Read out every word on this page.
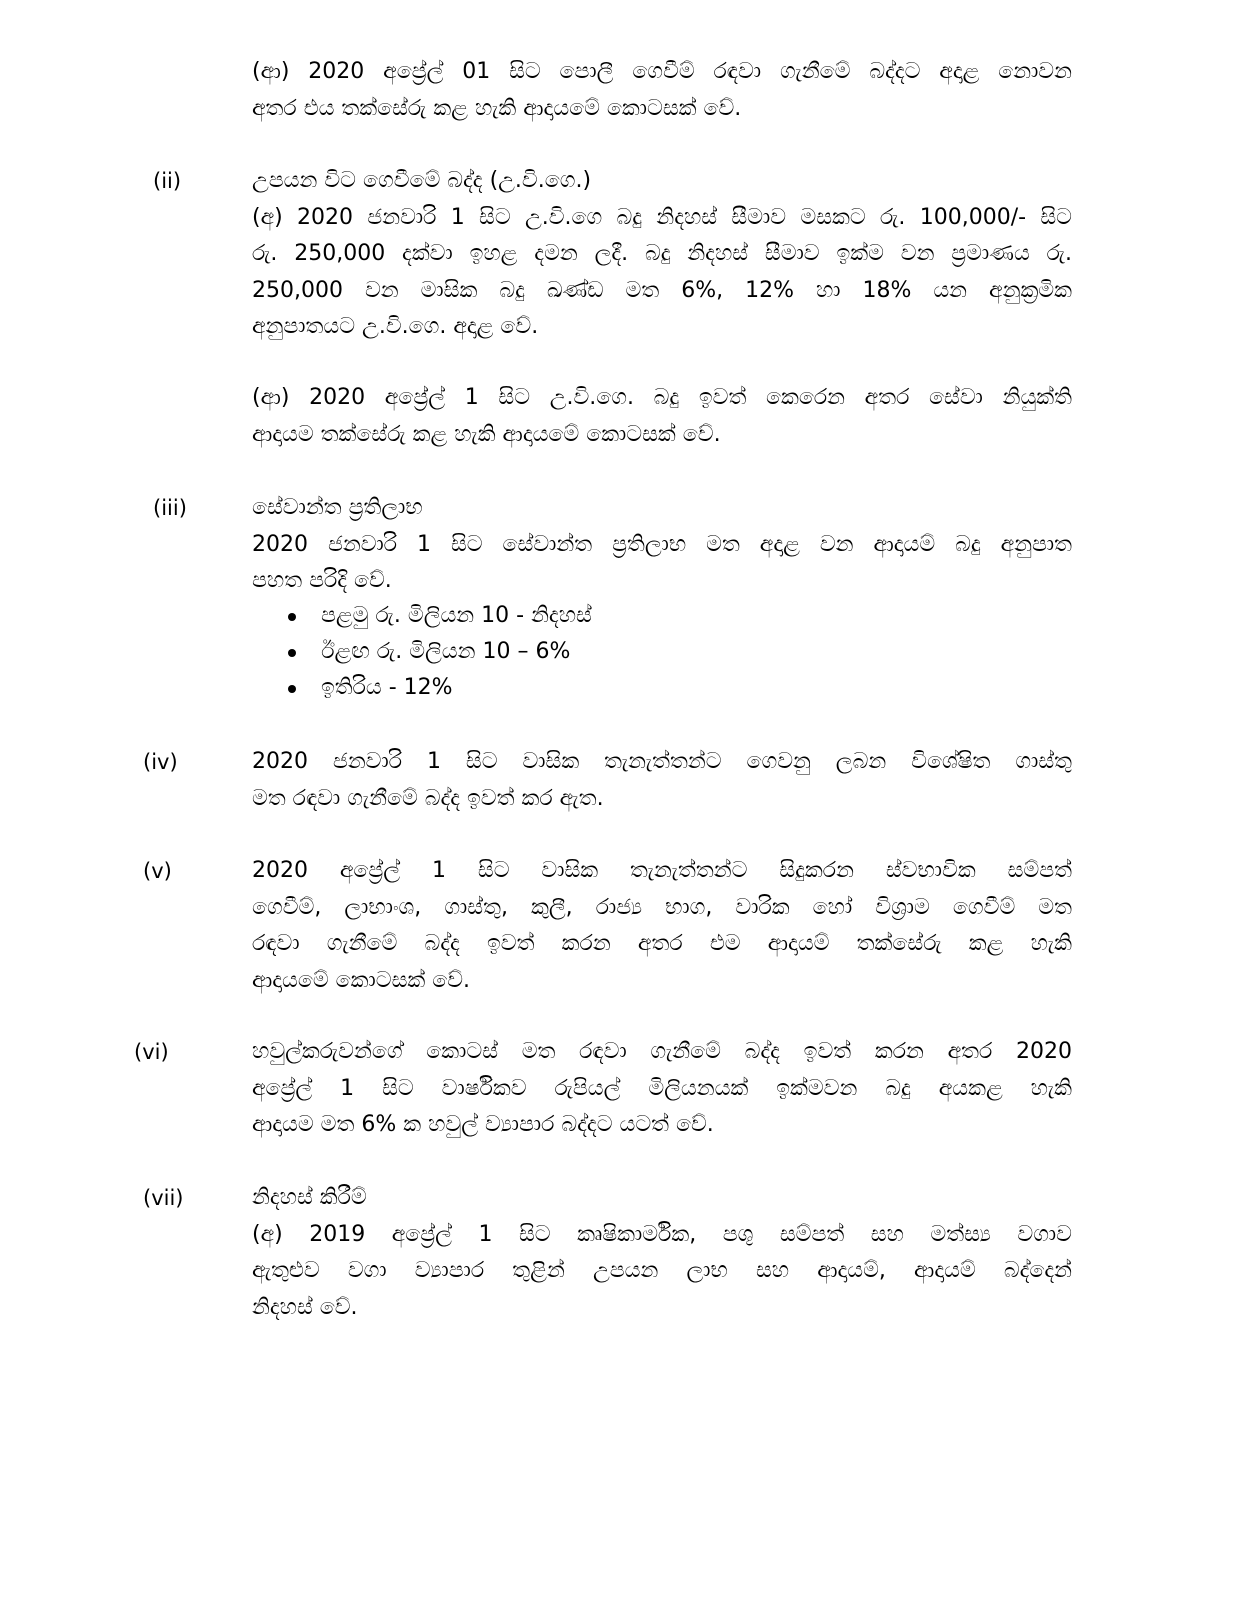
(ආ) 2020 අප්‍රේල් 01 සිට පොලී ගෙවීම් රඳවා ගැනීමේ බද්දට අදාළ නොවන
අතර එය තක්සේරු කළ හැකි ආදායමේ කොටසක් වේ.
(ii)	උපයන විට ගෙවීමේ බද්ද (උ.වි.ගෙ.)
(අ) 2020 ජනවාරි 1 සිට උ.වි.ගෙ බදු නිදහස් සීමාව මසකට රු. 100,000/- සිට
රු. 250,000 දක්වා ඉහළ දමන ලදී. බදු නිදහස් සීමාව ඉක්ම වන ප්‍රමාණය රු.
250,000 වන මාසික බදු ඛණ්ඩ මත 6%, 12% හා 18% යන අනුක්‍රමික
අනුපාතයට උ.වි.ගෙ. අදාළ වේ.
(ආ) 2020 අප්‍රේල් 1 සිට උ.වි.ගෙ. බදු ඉවත් කෙරෙන අතර සේවා නියුක්ති
ආදායම තක්සේරු කළ හැකි ආදායමේ කොටසක් වේ.
(iii)	සේවාන්ත ප්‍රතිලාභ
2020 ජනවාරි 1 සිට සේවාන්ත ප්‍රතිලාභ මත අදාළ වන ආදායම් බදු අනුපාත
පහත පරිදි වේ.
පළමු රු. මිලියන 10 - නිදහස්
ඊළඟ රු. මිලියන 10 – 6%
ඉතිරිය - 12%
(iv)	2020 ජනවාරි 1 සිට වාසික තැනැත්තන්ට ගෙවනු ලබන විශේෂිත ගාස්තු
මත රඳවා ගැනීමේ බද්ද ඉවත් කර ඇත.
(v)	2020 අප්‍රේල් 1 සිට වාසික තැනැත්තන්ට සිදුකරන ස්වභාවික සම්පත්
ගෙවීම්, ලාභාංශ, ගාස්තු, කුලී, රාජ්‍ය භාග, වාරික හෝ විශ්‍රාම ගෙවීම් මත
රඳවා ගැනීමේ බද්ද ඉවත් කරන අතර එම ආදායම් තක්සේරු කළ හැකි
ආදායමේ කොටසක් වේ.
(vi)	හවුල්කරුවන්ගේ කොටස් මත රඳවා ගැනීමේ බද්ද ඉවත් කරන අතර 2020
අප්‍රේල් 1 සිට වාර්ෂිකව රුපියල් මිලියනයක් ඉක්මවන බදු අයකළ හැකි
ආදායම මත 6% ක හවුල් ව්‍යාපාර බද්දට යටත් වේ.
(vii)	නිදහස් කිරීම්
(අ) 2019 අප්‍රේල් 1 සිට කෘෂිකාර්මික, පශු සම්පත් සහ මත්ස්‍ය වගාව
ඇතුළුව වගා ව්‍යාපාර තුළින් උපයන ලාභ සහ ආදායම්, ආදායම් බද්දෙන්
නිදහස් වේ.
